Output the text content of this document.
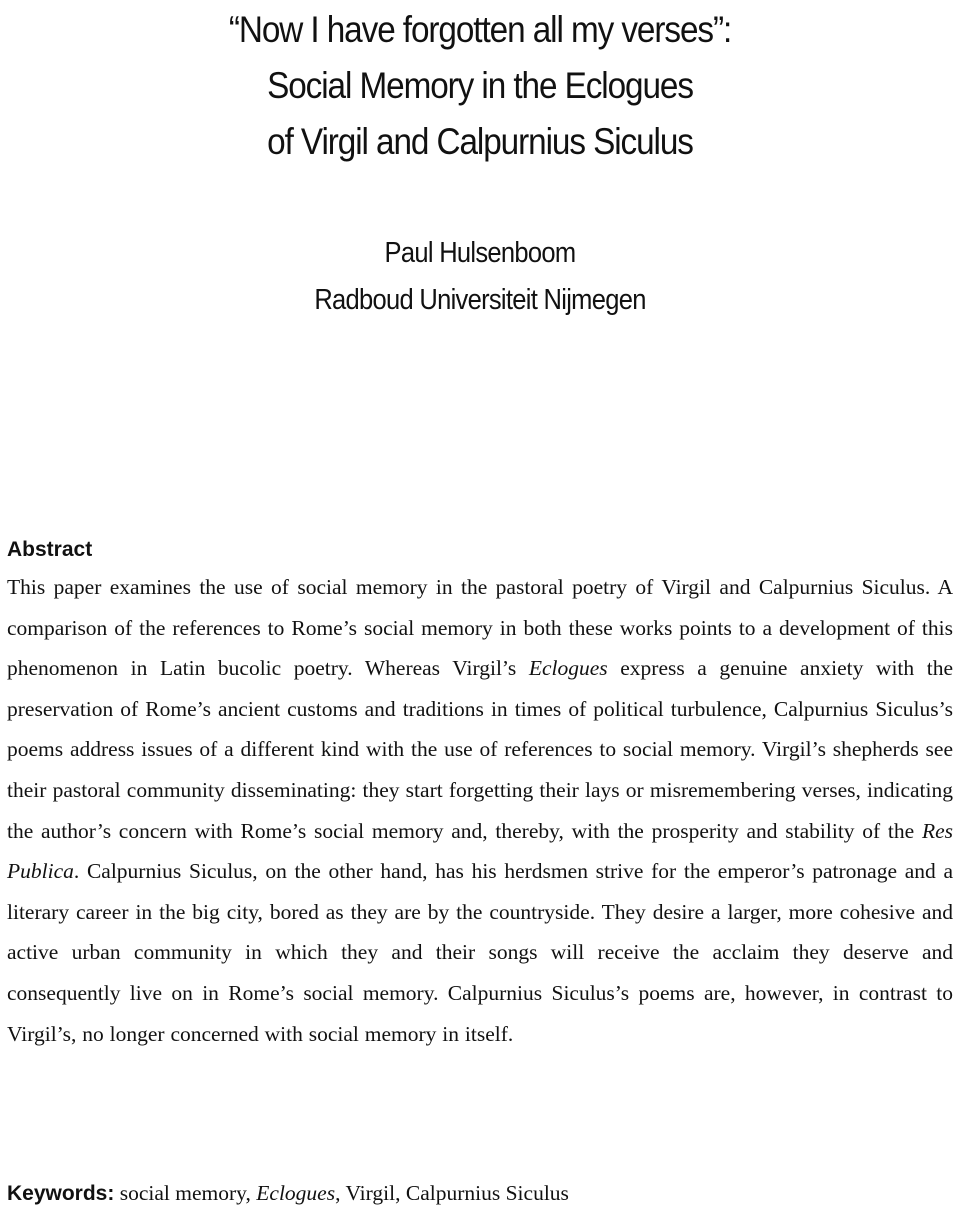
“Now I have forgotten all my verses”:
Social Memory in the Eclogues
of Virgil and Calpurnius Siculus
Paul Hulsenboom
Radboud Universiteit Nijmegen

Abstract

This paper examines the use of social memory in the pastoral poetry of Virgil and Calpurnius Siculus. A comparison of the references to Rome’s social memory in both these works points to a development of this phenomenon in Latin bucolic poetry. Whereas Virgil’s Eclogues express a genuine anxiety with the preservation of Rome’s ancient customs and traditions in times of political turbulence, Calpurnius Siculus’s poems address issues of a different kind with the use of references to social memory. Virgil’s shepherds see their pastoral community disseminating: they start forgetting their lays or misremembering verses, indicating the author’s concern with Rome’s social memory and, thereby, with the prosperity and stability of the Res Publica. Calpurnius Siculus, on the other hand, has his herdsmen strive for the emperor’s patronage and a literary career in the big city, bored as they are by the countryside. They desire a larger, more cohesive and active urban community in which they and their songs will receive the acclaim they deserve and consequently live on in Rome’s social memory. Calpurnius Siculus’s poems are, however, in contrast to Virgil’s, no longer concerned with social memory in itself.

Keywords: social memory, Eclogues, Virgil, Calpurnius Siculus
